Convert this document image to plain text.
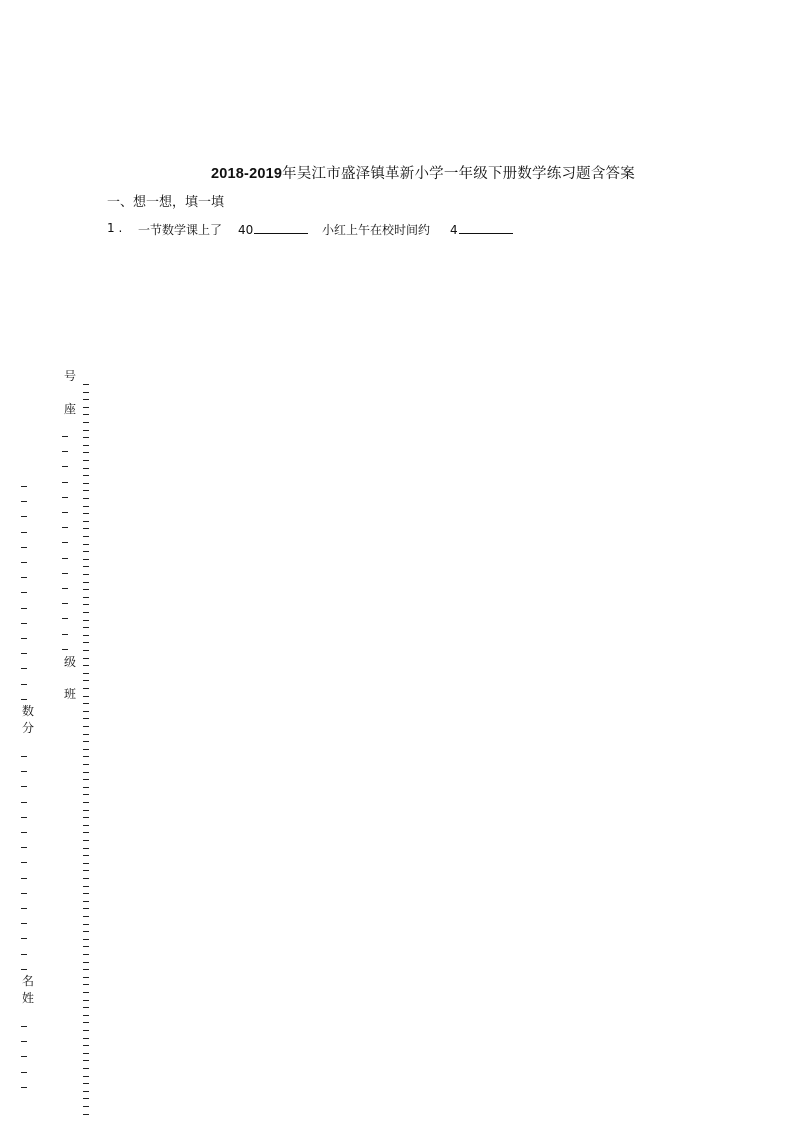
2018-2019年吴江市盛泽镇革新小学一年级下册数学练习题含答案
一、想一想，填一填
1 . 一节数学课上了 40	小红上午在校时间约 4
号
座
级
班
数
分
名
姓
